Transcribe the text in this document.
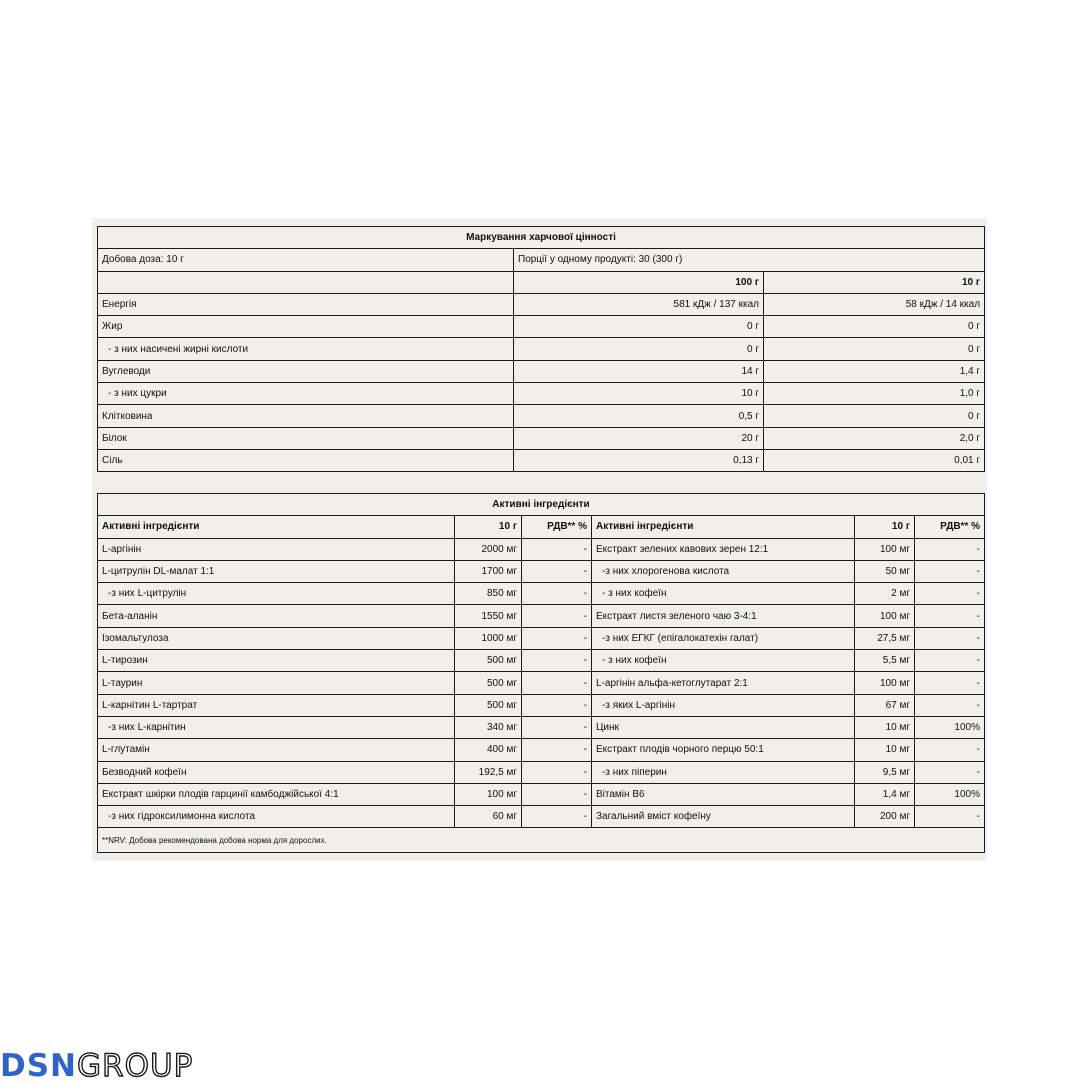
Маркування харчової цінності		
Добова доза: 10 г	Порції у одному продукті: 30 (300 г)	
	100 г	10 г
Енергія	581 кДж / 137 ккал	58 кДж / 14 ккал
Жир	0 г	0 г
- з них насичені жирні кислоти	0 г	0 г
Вуглеводи	14 г	1,4 г
- з них цукри	10 г	1,0 г
Клітковина	0,5 г	0 г
Білок	20 г	2,0 г
Сіль	0,13 г	0,01 г
Активні інгредієнти					
Активні інгредієнти	10 г	РДВ** %	Активні інгредієнти	10 г	РДВ** %
L-аргінін	2000 мг	-	Екстракт зелених кавових зерен 12:1	100 мг	-
L-цитрулін DL-малат 1:1	1700 мг	-	-з них хлорогенова кислота	50 мг	-
-з них L-цитрулін	850 мг	-	- з них кофеїн	2 мг	-
Бета-аланін	1550 мг	-	Екстракт листя зеленого чаю 3-4:1	100 мг	-
Ізомальтулоза	1000 мг	-	-з них ЕГКГ (епігалокатехін галат)	27,5 мг	-
L-тирозин	500 мг	-	- з них кофеїн	5,5 мг	-
L-таурин	500 мг	-	L-аргінін альфа-кетоглутарат 2:1	100 мг	-
L-карнітин L-тартрат	500 мг	-	-з яких L-аргінін	67 мг	-
-з них L-карнітин	340 мг	-	Цинк	10 мг	100%
L-глутамін	400 мг	-	Екстракт плодів чорного перцю 50:1	10 мг	-
Безводний кофеїн	192,5 мг	-	-з них піперин	9,5 мг	-
Екстракт шкірки плодів гарцинії камбоджійської 4:1	100 мг	-	Вітамін B6	1,4 мг	100%
-з них гідроксилимонна кислота	60 мг	-	Загальний вміст кофеїну	200 мг	-
**NRV: Добова рекомендована добова норма для дорослих.					
DSN GROUP
